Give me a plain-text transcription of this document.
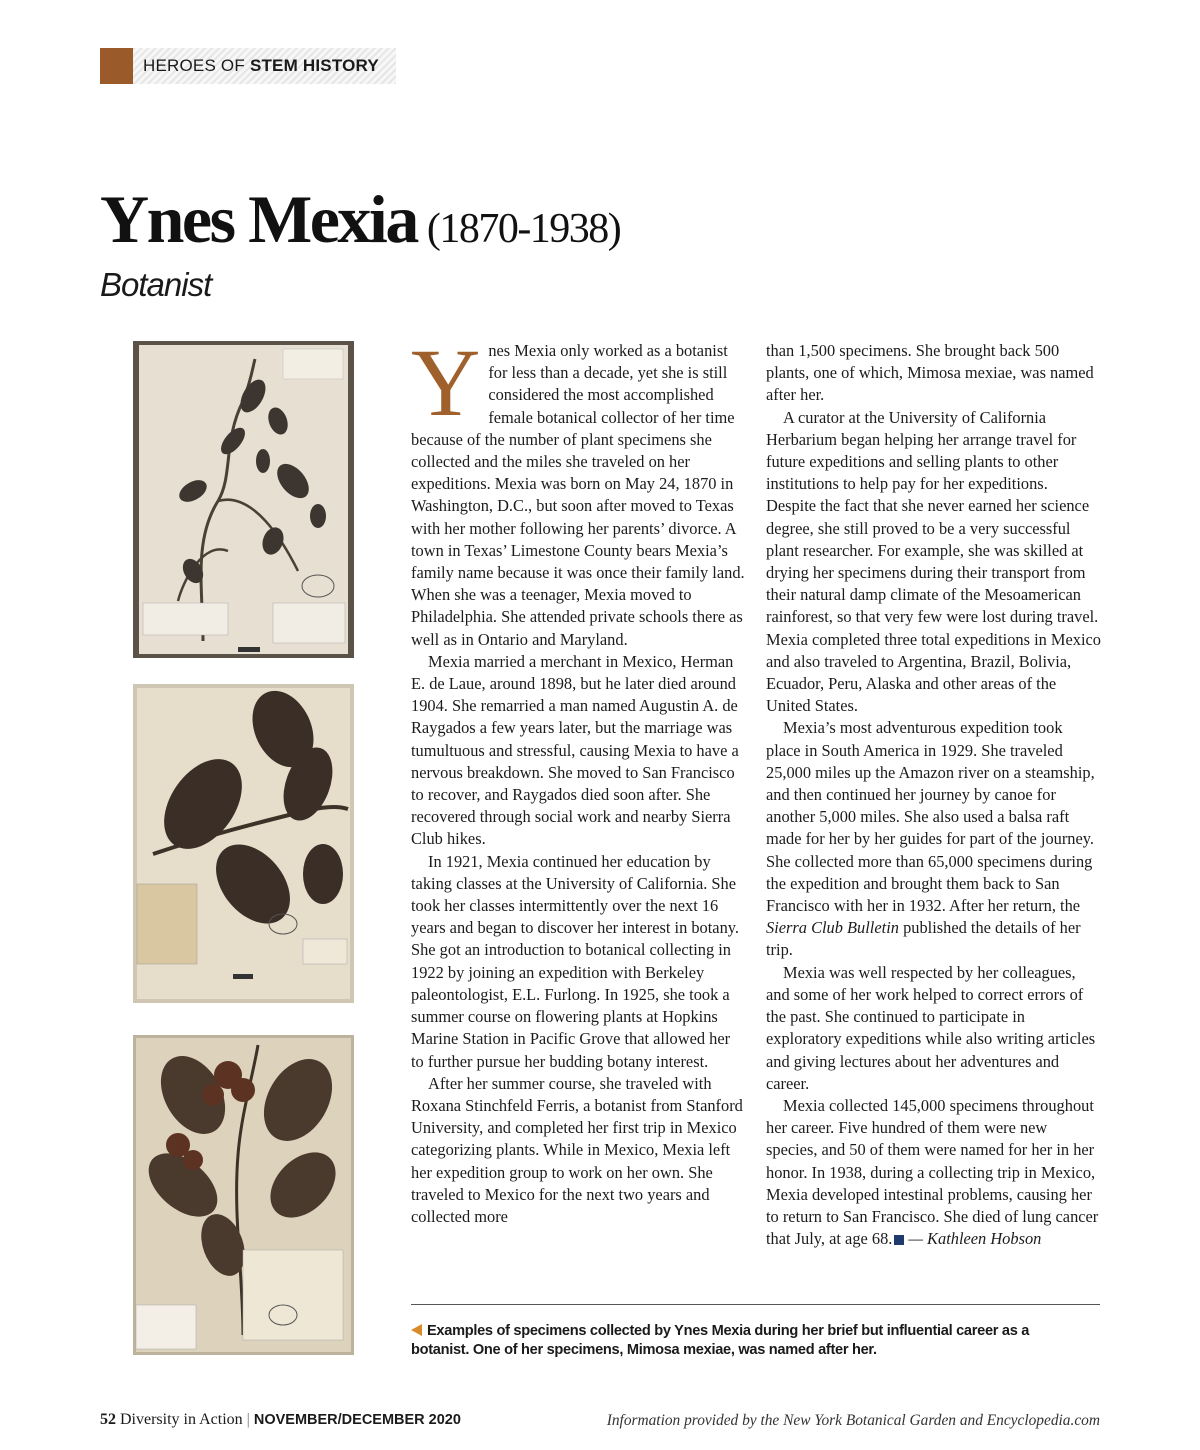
HEROES OF STEM HISTORY
Ynes Mexia (1870-1938)
Botanist

Ynes Mexia only worked as a botanist for less than a decade, yet she is still considered the most accomplished female botanical collector of her time because of the number of plant specimens she collected and the miles she traveled on her expeditions. Mexia was born on May 24, 1870 in Washington, D.C., but soon after moved to Texas with her mother following her parents’ divorce. A town in Texas’ Limestone County bears Mexia’s family name because it was once their family land. When she was a teenager, Mexia moved to Philadelphia. She attended private schools there as well as in Ontario and Maryland.

Mexia married a merchant in Mexico, Herman E. de Laue, around 1898, but he later died around 1904. She remarried a man named Augustin A. de Raygados a few years later, but the marriage was tumultuous and stressful, causing Mexia to have a nervous breakdown. She moved to San Francisco to recover, and Raygados died soon after. She recovered through social work and nearby Sierra Club hikes.

In 1921, Mexia continued her education by taking classes at the University of California. She took her classes intermittently over the next 16 years and began to discover her interest in botany. She got an introduction to botanical collecting in 1922 by joining an expedition with Berkeley paleontologist, E.L. Furlong. In 1925, she took a summer course on flowering plants at Hopkins Marine Station in Pacific Grove that allowed her to further pursue her budding botany interest.

After her summer course, she traveled with Roxana Stinchfeld Ferris, a botanist from Stanford University, and completed her first trip in Mexico categorizing plants. While in Mexico, Mexia left her expedition group to work on her own. She traveled to Mexico for the next two years and collected more

than 1,500 specimens. She brought back 500 plants, one of which, Mimosa mexiae, was named after her.

A curator at the University of California Herbarium began helping her arrange travel for future expeditions and selling plants to other institutions to help pay for her expeditions. Despite the fact that she never earned her science degree, she still proved to be a very successful plant researcher. For example, she was skilled at drying her specimens during their transport from their natural damp climate of the Mesoamerican rainforest, so that very few were lost during travel. Mexia completed three total expeditions in Mexico and also traveled to Argentina, Brazil, Bolivia, Ecuador, Peru, Alaska and other areas of the United States.

Mexia’s most adventurous expedition took place in South America in 1929. She traveled 25,000 miles up the Amazon river on a steamship, and then continued her journey by canoe for another 5,000 miles. She also used a balsa raft made for her by her guides for part of the journey. She collected more than 65,000 specimens during the expedition and brought them back to San Francisco with her in 1932. After her return, the Sierra Club Bulletin published the details of her trip.

Mexia was well respected by her colleagues, and some of her work helped to correct errors of the past. She continued to participate in exploratory expeditions while also writing articles and giving lectures about her adventures and career.

Mexia collected 145,000 specimens throughout her career. Five hundred of them were new species, and 50 of them were named for her in her honor. In 1938, during a collecting trip in Mexico, Mexia developed intestinal problems, causing her to return to San Francisco. She died of lung cancer that July, at age 68. — Kathleen Hobson

Examples of specimens collected by Ynes Mexia during her brief but influential career as a botanist. One of her specimens, Mimosa mexiae, was named after her.
52 Diversity in Action | NOVEMBER/DECEMBER 2020	Information provided by the New York Botanical Garden and Encyclopedia.com
